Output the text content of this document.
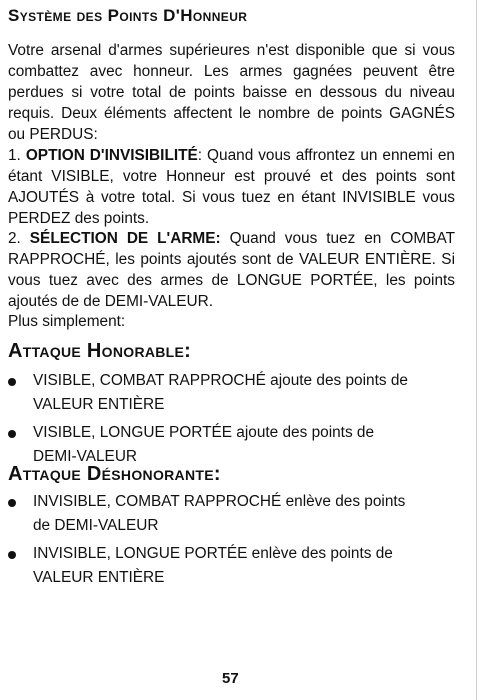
Système des Points D'Honneur

Votre arsenal d'armes supérieures n'est disponible que si vous combattez avec honneur. Les armes gagnées peuvent être perdues si votre total de points baisse en dessous du niveau requis. Deux éléments affectent le nombre de points GAGNÉS ou PERDUS:

1. OPTION D'INVISIBILITÉ: Quand vous affrontez un ennemi en étant VISIBLE, votre Honneur est prouvé et des points sont AJOUTÉS à votre total. Si vous tuez en étant INVISIBLE vous PERDEZ des points.

2. SÉLECTION DE L'ARME: Quand vous tuez en COMBAT RAPPROCHÉ, les points ajoutés sont de VALEUR ENTIÈRE. Si vous tuez avec des armes de LONGUE PORTÉE, les points ajoutés de de DEMI-VALEUR.

Plus simplement:

Attaque Honorable:
VISIBLE, COMBAT RAPPROCHÉ ajoute des points de VALEUR ENTIÈRE
VISIBLE, LONGUE PORTÉE ajoute des points de DEMI-VALEUR
Attaque Déshonorante:
INVISIBLE, COMBAT RAPPROCHÉ enlève des points de DEMI-VALEUR
INVISIBLE, LONGUE PORTÉE enlève des points de VALEUR ENTIÈRE

57
